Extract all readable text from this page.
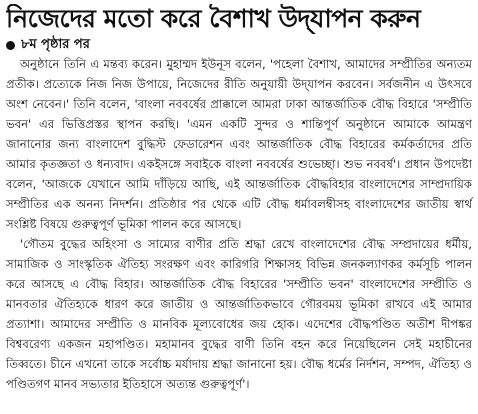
নিজেদের মতো করে বৈশাখ উদ্‌যাপন করুন
৮ম পৃষ্ঠার পর

অনুষ্ঠানে তিনি এ মন্তব্য করেন। মুহাম্মদ ইউনূস বলেন, 'পহেলা বৈশাখ, আমাদের সম্প্রীতির অন্যতম প্রতীক। প্রত্যেকে নিজ নিজ উপায়ে, নিজেদের রীতি অনুযায়ী উদ্‌যাপন করবেন। সর্বজনীন এ উৎসবে অংশ নেবেন।' তিনি বলেন, 'বাংলা নববর্ষের প্রাক্কালে আমরা ঢাকা আন্তর্জাতিক বৌদ্ধ বিহারে 'সম্প্রীতি ভবন' এর ভিত্তিপ্রস্তর স্থাপন করছি। 'এমন একটি সুন্দর ও শান্তিপূর্ণ অনুষ্ঠানে আমাকে আমন্ত্রণ জানানোর জন্য বাংলাদেশ বুদ্ধিস্ট ফেডারেশন এবং আন্তর্জাতিক বৌদ্ধ বিহারের কর্মকর্তাদের প্রতি আমার কৃতজ্ঞতা ও ধন্যবাদ। একইসঙ্গে সবাইকে বাংলা নববর্ষের শুভেচ্ছা। শুভ নববর্ষ'। প্রধান উপদেষ্টা বলেন, 'আজকে যেখানে আমি দাঁড়িয়ে আছি, এই আন্তর্জাতিক বৌদ্ধবিহার বাংলাদেশের সাম্প্রদায়িক সম্প্রীতির এক অনন্য নিদর্শন। প্রতিষ্ঠার পর থেকে এটি বৌদ্ধ ধর্মাবলম্বীসহ বাংলাদেশের জাতীয় স্বার্থ সংশ্লিষ্ট বিষয়ে গুরুত্বপূর্ণ ভূমিকা পালন করে আসছে।

'গৌতম বুদ্ধের অহিংসা ও সাম্যের বাণীর প্রতি শ্রদ্ধা রেখে বাংলাদেশের বৌদ্ধ সম্প্রদায়ের ধর্মীয়, সামাজিক ও সাংস্কৃতিক ঐতিহ্য সংরক্ষণ এবং কারিগরি শিক্ষাসহ বিভিন্ন জনকল্যাণকর কর্মসূচি পালন করে আসছে এ বৌদ্ধ বিহার। আন্তর্জাতিক বৌদ্ধ বিহারের 'সম্প্রীতি ভবন' বাংলাদেশের সম্প্রীতি ও মানবতার ঐতিহ্যকে ধারণ করে জাতীয় ও আন্তর্জাতিকভাবে গৌরবময় ভূমিকা রাখবে এই আমার প্রত্যাশা। আমাদের সম্প্রীতি ও মানবিক মূল্যবোধের জয় হোক। এদেশের বৌদ্ধপণ্ডিত অতীশ দীপঙ্কর বিশ্ববরেণ্য একজন মহাপণ্ডিত। মহামানব বুদ্ধের বাণী তিনি বহন করে নিয়েছিলেন সেই মহাচীনের তিব্বতে। চীনে এখনো তাকে সর্বোচ্চ মর্যাদায় শ্রদ্ধা জানানো হয়। বৌদ্ধ ধর্মের নির্দশন, সম্পদ, ঐতিহ্য ও পণ্ডিতগণ মানব সভ্যতার ইতিহাসে অত্যন্ত গুরুত্বপূর্ণ'।
